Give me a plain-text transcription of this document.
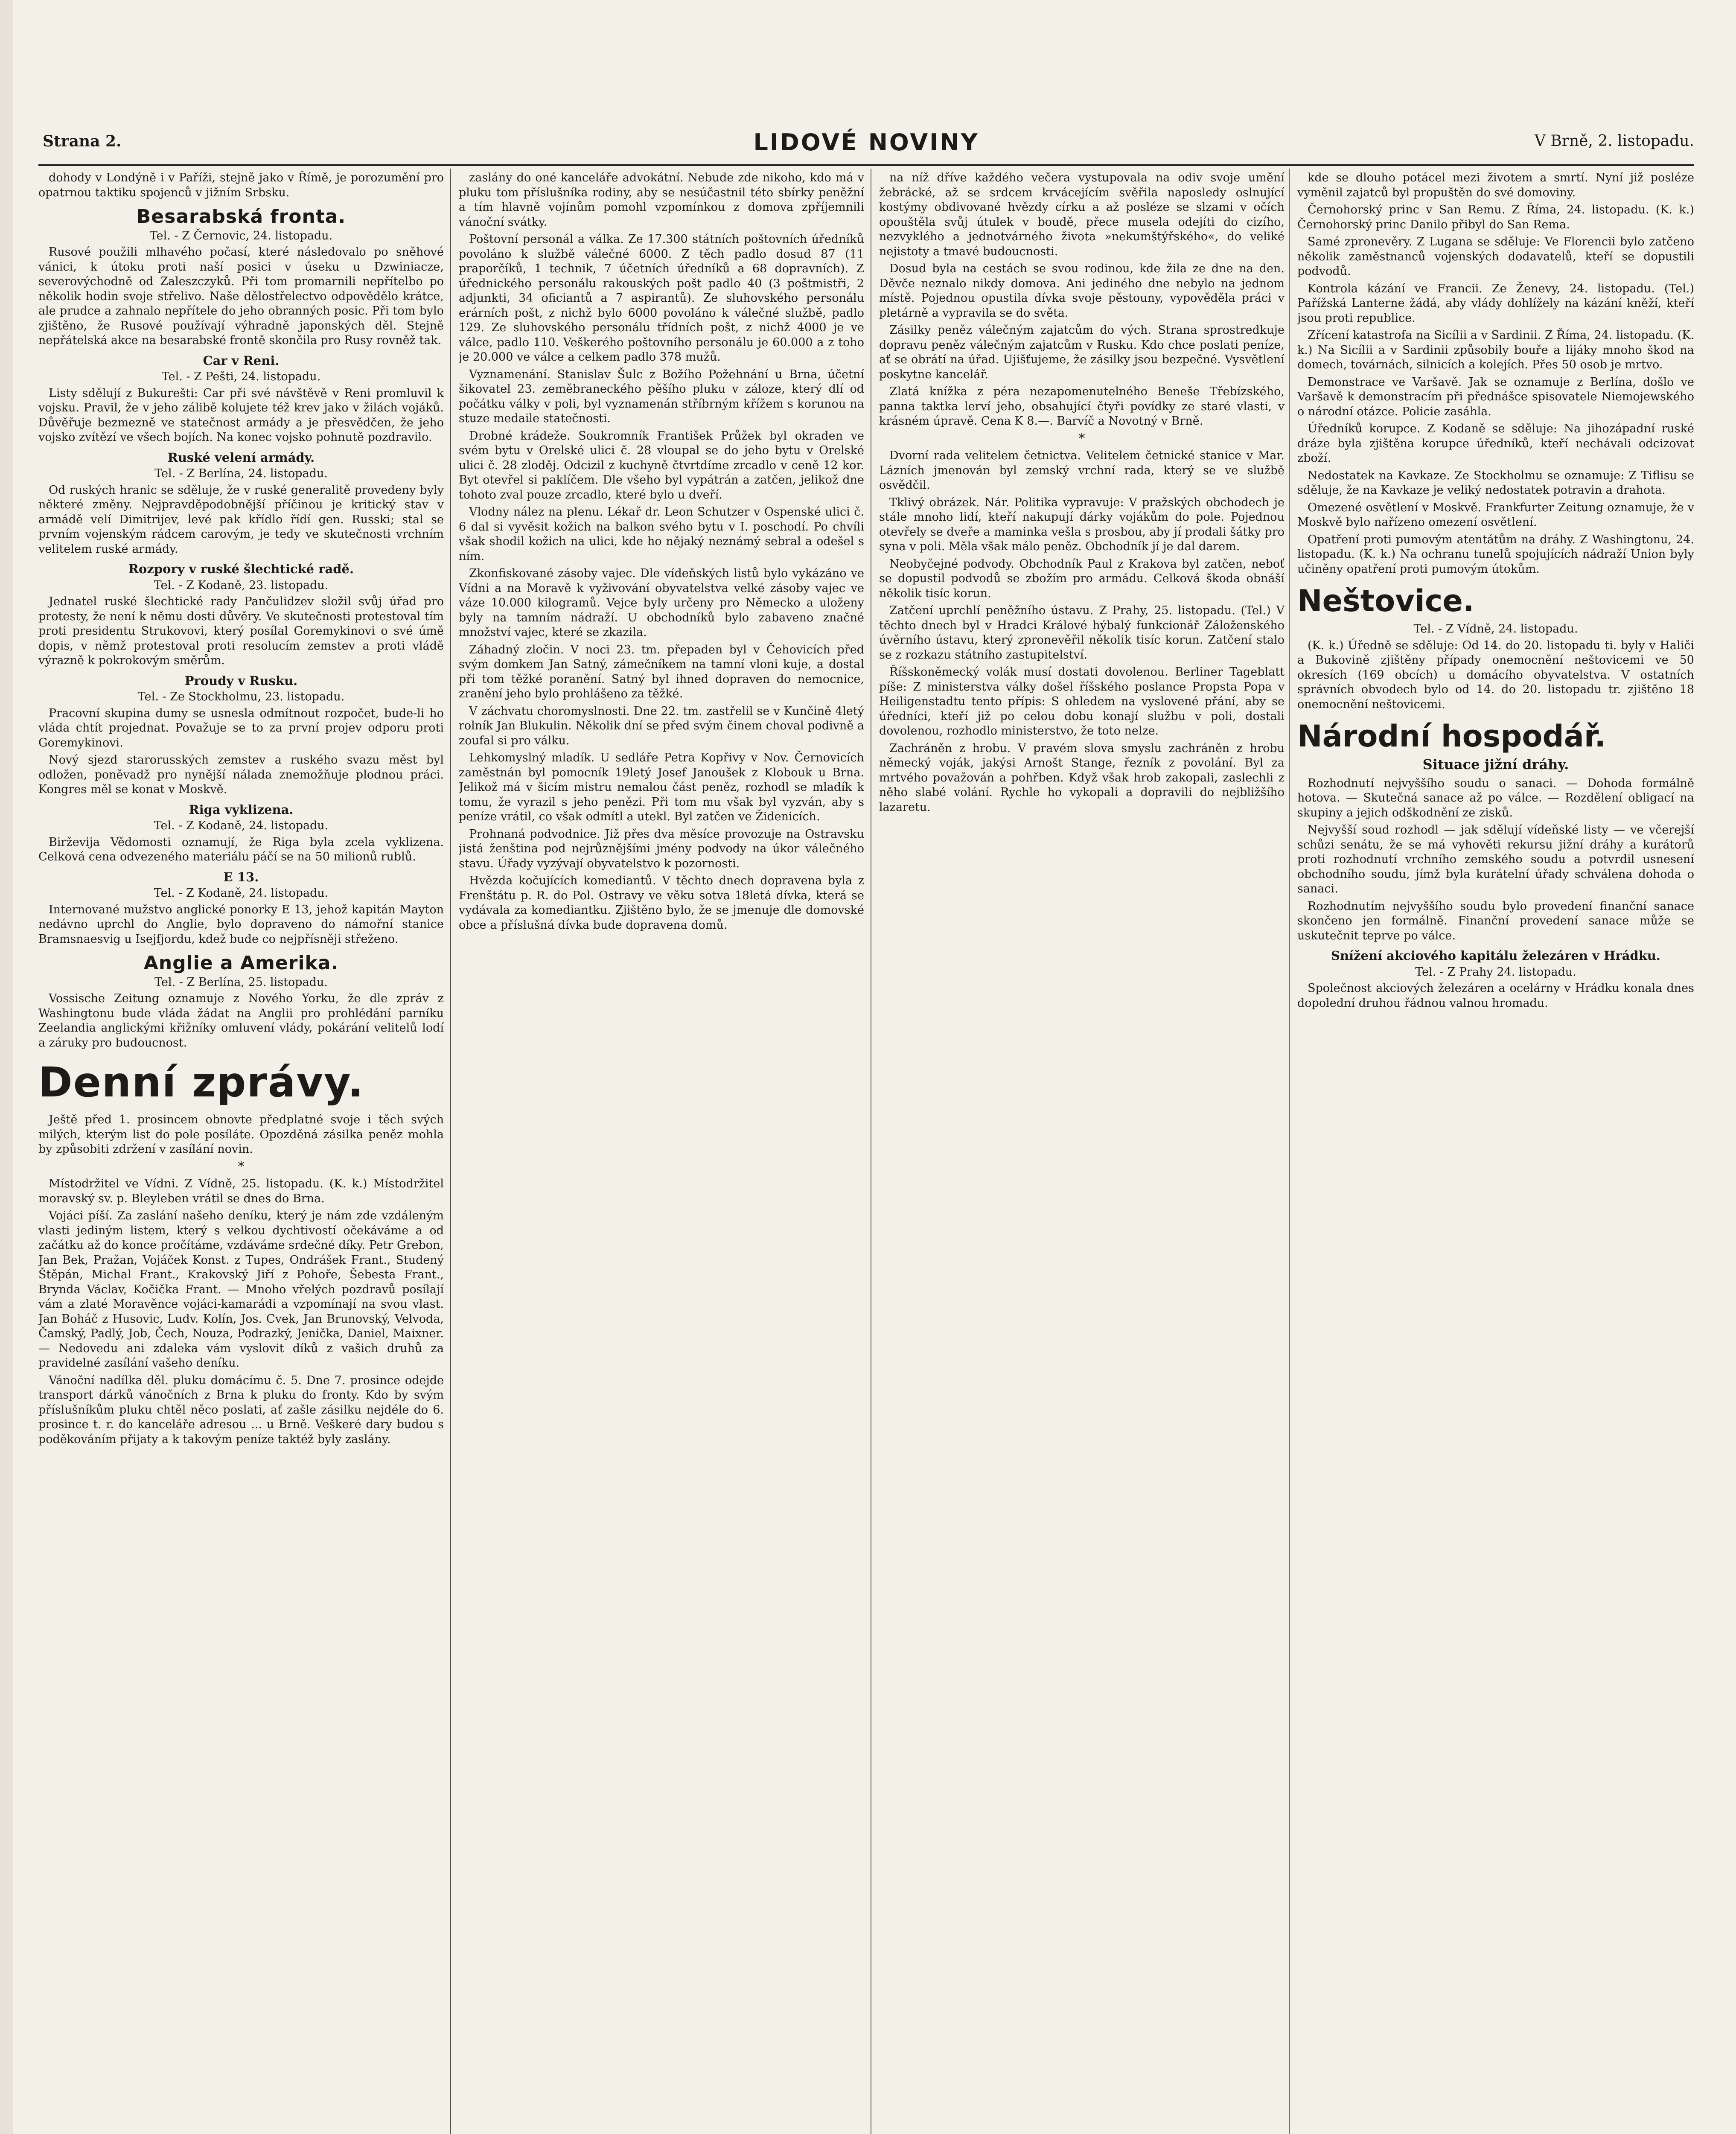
Strana 2.	LIDOVÉ NOVINY	V Brně, 2. listopadu.
dohody v Londýně i v Paříži, stejně jako v Římě, je porozumění pro opatrnou taktiku spojenců v jižním Srbsku.
Besarabská fronta.
Tel. - Z Černovic, 24. listopadu.
Rusové použili mlhavého počasí, které následovalo po sněhové vánici, k útoku proti naší posici v úseku u Dzwiniacze, severovýchodně od Zaleszczyků. Při tom promarnili nepřítelbo po několik hodin svoje střelivo. Naše dělostřelectvo odpovědělo krátce, ale prudce a zahnalo nepřítele do jeho obranných posic. Při tom bylo zjištěno, že Rusové používají výhradně japonských děl. Stejně nepřátelská akce na besarabské frontě skončila pro Rusy rovněž tak.
Car v Reni.
Tel. - Z Pešti, 24. listopadu.
Listy sdělují z Bukurešti: Car při své návštěvě v Reni promluvil k vojsku. Pravil, že v jeho zálibě kolujete též krev jako v žilách vojáků. Důvěřuje bezmezně ve statečnost armády a je přesvědčen, že jeho vojsko zvítězí ve všech bojích. Na konec vojsko pohnutě pozdravilo.
Ruské velení armády.
Tel. - Z Berlína, 24. listopadu.
Od ruských hranic se sděluje, že v ruské generalitě provedeny byly některé změny. Nejpravděpodobnější příčinou je kritický stav v armádě velí Dimitrijev, levé pak křídlo řídí gen. Russki; stal se prvním vojenským rádcem carovým, je tedy ve skutečnosti vrchním velitelem ruské armády.
Rozpory v ruské šlechtické radě.
Tel. - Z Kodaně, 23. listopadu.
Jednatel ruské šlechtické rady Pančulidzev složil svůj úřad pro protesty, že není k němu dosti důvěry. Ve skutečnosti protestoval tím proti presidentu Strukovovi, který posílal Goremykinovi o své úmě dopis, v němž protestoval proti resolucím zemstev a proti vládě výrazně k pokrokovým směrům.
Proudy v Rusku.
Tel. - Ze Stockholmu, 23. listopadu.
Pracovní skupina dumy se usnesla odmítnout rozpočet, bude-li ho vláda chtít projednat. Považuje se to za první projev odporu proti Goremykinovi.
Nový sjezd starorusských zemstev a ruského svazu měst byl odložen, poněvadž pro nynější nálada znemožňuje plodnou práci. Kongres měl se konat v Moskvě.
Riga vyklizena.
Tel. - Z Kodaně, 24. listopadu.
Birževija Vědomosti oznamují, že Riga byla zcela vyklizena. Celková cena odvezeného materiálu páčí se na 50 milionů rublů.
E 13.
Tel. - Z Kodaně, 24. listopadu.
Internované mužstvo anglické ponorky E 13, jehož kapitán Mayton nedávno uprchl do Anglie, bylo dopraveno do námořní stanice Bramsnaesvig u Isejfjordu, kdež bude co nejpřísněji střeženo.
Anglie a Amerika.
Tel. - Z Berlína, 25. listopadu.
Vossische Zeitung oznamuje z Nového Yorku, že dle zpráv z Washingtonu bude vláda žádat na Anglii pro prohlédání parníku Zeelandia anglickými křižníky omluvení vlády, pokárání velitelů lodí a záruky pro budoucnost.
Denní zprávy.
Ještě před 1. prosincem obnovte předplatné svoje i těch svých milých, kterým list do pole posíláte. Opozděná zásilka peněz mohla by způsobiti zdržení v zasílání novin.
*
Místodržitel ve Vídni. Z Vídně, 25. listopadu. (K. k.) Místodržitel moravský sv. p. Bleyleben vrátil se dnes do Brna.
Vojáci píší. Za zaslání našeho deníku, který je nám zde vzdáleným vlasti jediným listem, který s velkou dychtivostí očekáváme a od začátku až do konce pročítáme, vzdáváme srdečné díky. Petr Grebon, Jan Bek, Pražan, Vojáček Konst. z Tupes, Ondrášek Frant., Studený Štěpán, Michal Frant., Krakovský Jiří z Pohoře, Šebesta Frant., Brynda Václav, Kočička Frant. — Mnoho vřelých pozdravů posílají vám a zlaté Moravěnce vojáci-kamarádi a vzpomínají na svou vlast. Jan Boháč z Husovic, Ludv. Kolín, Jos. Cvek, Jan Brunovský, Velvoda, Čamský, Padlý, Job, Čech, Nouza, Podrazký, Jenička, Daniel, Maixner. — Nedovedu ani zdaleka vám vyslovit díků z vašich druhů za pravidelné zasílání vašeho deníku.
Vánoční nadílka děl. pluku domácímu č. 5. Dne 7. prosince odejde transport dárků vánočních z Brna k pluku do fronty. Kdo by svým příslušníkům pluku chtěl něco poslati, ať zašle zásilku nejdéle do 6. prosince t. r. do kanceláře adresou ... u Brně. Veškeré dary budou s poděkováním přijaty a k takovým peníze taktéž byly zaslány.
zaslány do oné kanceláře advokátní. Nebude zde nikoho, kdo má v pluku tom příslušníka rodiny, aby se nesúčastnil této sbírky peněžní a tím hlavně vojínům pomohl vzpomínkou z domova zpříjemnili vánoční svátky.
Poštovní personál a válka. Ze 17.300 státních poštovních úředníků povoláno k službě válečné 6000. Z těch padlo dosud 87 (11 praporčíků, 1 technik, 7 účetních úředníků a 68 dopravních). Z úřednického personálu rakouských pošt padlo 40 (3 poštmistři, 2 adjunkti, 34 oficiantů a 7 aspirantů). Ze sluhovského personálu erárních pošt, z nichž bylo 6000 povoláno k válečné službě, padlo 129. Ze sluhovského personálu třídních pošt, z nichž 4000 je ve válce, padlo 110. Veškerého poštovního personálu je 60.000 a z toho je 20.000 ve válce a celkem padlo 378 mužů.
Vyznamenání. Stanislav Šulc z Božího Požehnání u Brna, účetní šikovatel 23. zeměbraneckého pěšího pluku v záloze, který dlí od počátku války v poli, byl vyznamenán stříbrným křížem s korunou na stuze medaile statečnosti.
Drobné krádeže. Soukromník František Průžek byl okraden ve svém bytu v Orelské ulici č. 28 vloupal se do jeho bytu v Orelské ulici č. 28 zloděj. Odcizil z kuchyně čtvrtdíme zrcadlo v ceně 12 kor. Byt otevřel si paklíčem. Dle všeho byl vypátrán a zatčen, jelikož dne tohoto zval pouze zrcadlo, které bylo u dveří.
Vlodny nález na plenu. Lékař dr. Leon Schutzer v Ospenské ulici č. 6 dal si vyvěsit kožich na balkon svého bytu v I. poschodí. Po chvíli však shodil kožich na ulici, kde ho nějaký neznámý sebral a odešel s ním.
Zkonfiskované zásoby vajec. Dle vídeňských listů bylo vykázáno ve Vídni a na Moravě k vyživování obyvatelstva velké zásoby vajec ve váze 10.000 kilogramů. Vejce byly určeny pro Německo a uloženy byly na tamním nádraží. U obchodníků bylo zabaveno značné množství vajec, které se zkazila.
Záhadný zločin. V noci 23. tm. přepaden byl v Čehovicích před svým domkem Jan Satný, zámečníkem na tamní vloni kuje, a dostal při tom těžké poranění. Satný byl ihned dopraven do nemocnice, zranění jeho bylo prohlášeno za těžké.
V záchvatu choromyslnosti. Dne 22. tm. zastřelil se v Kunčině 4letý rolník Jan Blukulin. Několik dní se před svým činem choval podivně a zoufal si pro válku.
Lehkomyslný mladík. U sedláře Petra Kopřivy v Nov. Černovicích zaměstnán byl pomocník 19letý Josef Janoušek z Klobouk u Brna. Jelikož má v šicím mistru nemalou část peněz, rozhodl se mladík k tomu, že vyrazil s jeho penězi. Při tom mu však byl vyzván, aby s peníze vrátil, co však odmítl a utekl. Byl zatčen ve Židenicích.
Prohnaná podvodnice. Již přes dva měsíce provozuje na Ostravsku jistá ženština pod nejrůznějšími jmény podvody na úkor válečného stavu. Úřady vyzývají obyvatelstvo k pozornosti.
Hvězda kočujících komediantů. V těchto dnech dopravena byla z Frenštátu p. R. do Pol. Ostravy ve věku sotva 18letá dívka, která se vydávala za komediantku. Zjištěno bylo, že se jmenuje dle domovské obce a příslušná dívka bude dopravena domů.
na níž dříve každého večera vystupovala na odiv svoje umění žebrácké, až se srdcem krvácejícím svěřila naposledy oslnující kostýmy obdivované hvězdy círku a až posléze se slzami v očích opouštěla svůj útulek v boudě, přece musela odejíti do cizího, nezvyklého a jednotvárného života »nekumštýřského«, do veliké nejistoty a tmavé budoucnosti.
Dosud byla na cestách se svou rodinou, kde žila ze dne na den. Děvče neznalo nikdy domova. Ani jediného dne nebylo na jednom místě. Pojednou opustila dívka svoje pěstouny, vypověděla práci v pletárně a vypravila se do světa.
Zásilky peněz válečným zajatcům do vých. Strana sprostredkuje dopravu peněz válečným zajatcům v Rusku. Kdo chce poslati peníze, ať se obrátí na úřad. Ujišťujeme, že zásilky jsou bezpečné. Vysvětlení poskytne kancelář.
Zlatá knížka z péra nezapomenutelného Beneše Třebízského, panna taktka lerví jeho, obsahující čtyři povídky ze staré vlasti, v krásném úpravě. Cena K 8.—. Barvíč a Novotný v Brně.
*
Dvorní rada velitelem četnictva. Velitelem četnické stanice v Mar. Lázních jmenován byl zemský vrchní rada, který se ve službě osvědčil.
Tklivý obrázek. Nár. Politika vypravuje: V pražských obchodech je stále mnoho lidí, kteří nakupují dárky vojákům do pole. Pojednou otevřely se dveře a maminka vešla s prosbou, aby jí prodali šátky pro syna v poli. Měla však málo peněz. Obchodník jí je dal darem.
Neobyčejné podvody. Obchodník Paul z Krakova byl zatčen, neboť se dopustil podvodů se zbožím pro armádu. Celková škoda obnáší několik tisíc korun.
Zatčení uprchlí peněžního ústavu. Z Prahy, 25. listopadu. (Tel.) V těchto dnech byl v Hradci Králové hýbalý funkcionář Záloženského úvěrního ústavu, který zpronevěřil několik tisíc korun. Zatčení stalo se z rozkazu státního zastupitelství.
Říšskoněmecký volák musí dostati dovolenou. Berliner Tageblatt píše: Z ministerstva války došel říšského poslance Propsta Popa v Heiligenstadtu tento přípis: S ohledem na vyslovené přání, aby se úředníci, kteří již po celou dobu konají službu v poli, dostali dovolenou, rozhodlo ministerstvo, že toto nelze.
Zachráněn z hrobu. V pravém slova smyslu zachráněn z hrobu německý voják, jakýsi Arnošt Stange, řezník z povolání. Byl za mrtvého považován a pohřben. Když však hrob zakopali, zaslechli z něho slabé volání. Rychle ho vykopali a dopravili do nejbližšího lazaretu.
kde se dlouho potácel mezi životem a smrtí. Nyní již posléze vyměnil zajatců byl propuštěn do své domoviny.
Černohorský princ v San Remu. Z Říma, 24. listopadu. (K. k.) Černohorský princ Danilo přibyl do San Rema.
Samé zpronevěry. Z Lugana se sděluje: Ve Florencii bylo zatčeno několik zaměstnanců vojenských dodavatelů, kteří se dopustili podvodů.
Kontrola kázání ve Francii. Ze Ženevy, 24. listopadu. (Tel.) Pařížská Lanterne žádá, aby vlády dohlížely na kázání kněží, kteří jsou proti republice.
Zřícení katastrofa na Sicílii a v Sardinii. Z Říma, 24. listopadu. (K. k.) Na Sicílii a v Sardinii způsobily bouře a lijáky mnoho škod na domech, továrnách, silnicích a kolejích. Přes 50 osob je mrtvo.
Demonstrace ve Varšavě. Jak se oznamuje z Berlína, došlo ve Varšavě k demonstracím při přednášce spisovatele Niemojewského o národní otázce. Policie zasáhla.
Úředníků korupce. Z Kodaně se sděluje: Na jihozápadní ruské dráze byla zjištěna korupce úředníků, kteří nechávali odcizovat zboží.
Nedostatek na Kavkaze. Ze Stockholmu se oznamuje: Z Tiflisu se sděluje, že na Kavkaze je veliký nedostatek potravin a drahota.
Omezené osvětlení v Moskvě. Frankfurter Zeitung oznamuje, že v Moskvě bylo nařízeno omezení osvětlení.
Opatření proti pumovým atentátům na dráhy. Z Washingtonu, 24. listopadu. (K. k.) Na ochranu tunelů spojujících nádraží Union byly učiněny opatření proti pumovým útokům.
Neštovice.
Tel. - Z Vídně, 24. listopadu.
(K. k.) Úředně se sděluje: Od 14. do 20. listopadu ti. byly v Haliči a Bukovině zjištěny případy onemocnění neštovicemi ve 50 okresích (169 obcích) u domácího obyvatelstva. V ostatních správních obvodech bylo od 14. do 20. listopadu tr. zjištěno 18 onemocnění neštovicemi.
Národní hospodář.
Situace jižní dráhy.
Rozhodnutí nejvyššího soudu o sanaci. — Dohoda formálně hotova. — Skutečná sanace až po válce. — Rozdělení obligací na skupiny a jejich odškodnění ze zisků.
Nejvyšší soud rozhodl — jak sdělují vídeňské listy — ve včerejší schůzi senátu, že se má vyhověti rekursu jižní dráhy a kurátorů proti rozhodnutí vrchního zemského soudu a potvrdil usnesení obchodního soudu, jímž byla kurátelní úřady schválena dohoda o sanaci.
Rozhodnutím nejvyššího soudu bylo provedení finanční sanace skončeno jen formálně. Finanční provedení sanace může se uskutečnit teprve po válce.
Snížení akciového kapitálu železáren v Hrádku.
Tel. - Z Prahy 24. listopadu.
Společnost akciových železáren a ocelárny v Hrádku konala dnes dopolední druhou řádnou valnou hromadu.
